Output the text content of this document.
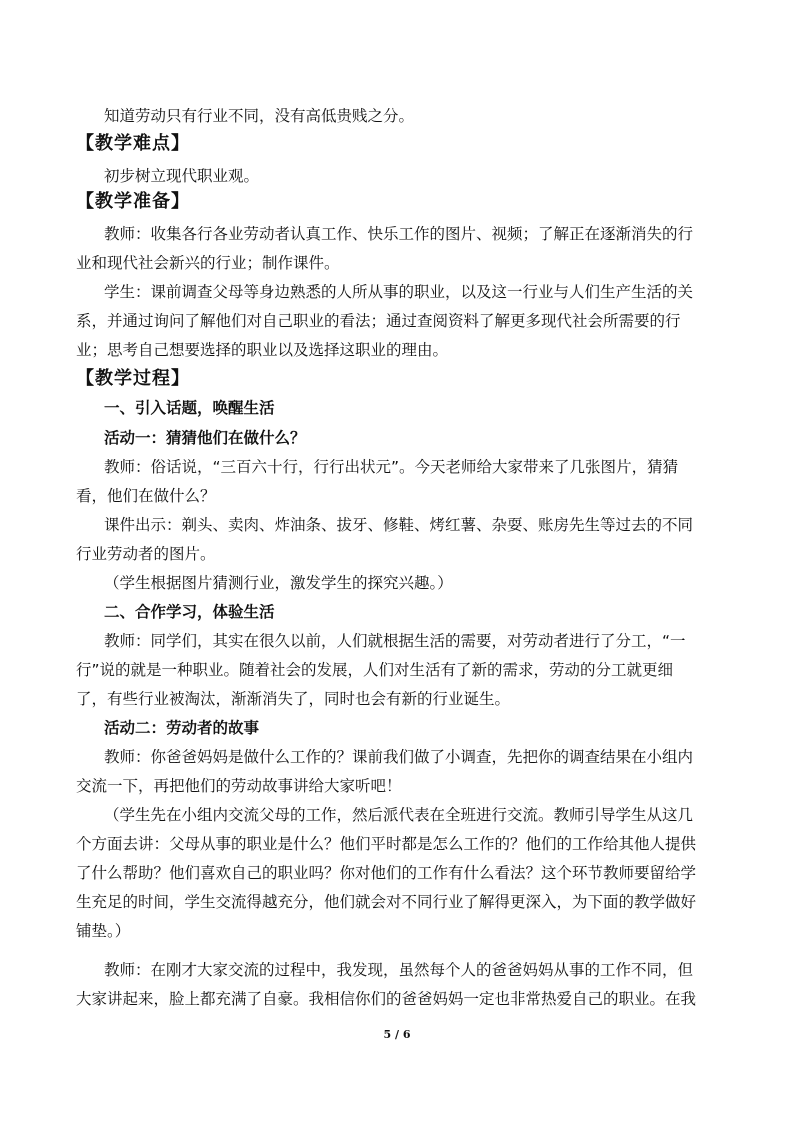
知道劳动只有行业不同，没有高低贵贱之分。
【教学难点】
初步树立现代职业观。
【教学准备】
教师：收集各行各业劳动者认真工作、快乐工作的图片、视频；了解正在逐渐消失的行
业和现代社会新兴的行业；制作课件。
学生：课前调查父母等身边熟悉的人所从事的职业，以及这一行业与人们生产生活的关
系，并通过询问了解他们对自己职业的看法；通过查阅资料了解更多现代社会所需要的行
业；思考自己想要选择的职业以及选择这职业的理由。
【教学过程】
一、引入话题，唤醒生活
活动一：猜猜他们在做什么？
教师：俗话说，“三百六十行，行行出状元”。今天老师给大家带来了几张图片，猜猜
看，他们在做什么？
课件出示：剃头、卖肉、炸油条、拔牙、修鞋、烤红薯、杂耍、账房先生等过去的不同
行业劳动者的图片。
（学生根据图片猜测行业，激发学生的探究兴趣。）
二、合作学习，体验生活
教师：同学们，其实在很久以前，人们就根据生活的需要，对劳动者进行了分工，“一
行”说的就是一种职业。随着社会的发展，人们对生活有了新的需求，劳动的分工就更细
了，有些行业被淘汰，渐渐消失了，同时也会有新的行业诞生。
活动二：劳动者的故事
教师：你爸爸妈妈是做什么工作的？课前我们做了小调查，先把你的调查结果在小组内
交流一下，再把他们的劳动故事讲给大家听吧！
（学生先在小组内交流父母的工作，然后派代表在全班进行交流。教师引导学生从这几
个方面去讲：父母从事的职业是什么？他们平时都是怎么工作的？他们的工作给其他人提供
了什么帮助？他们喜欢自己的职业吗？你对他们的工作有什么看法？这个环节教师要留给学
生充足的时间，学生交流得越充分，他们就会对不同行业了解得更深入，为下面的教学做好
铺垫。）
教师：在刚才大家交流的过程中，我发现，虽然每个人的爸爸妈妈从事的工作不同，但
大家讲起来，脸上都充满了自豪。我相信你们的爸爸妈妈一定也非常热爱自己的职业。在我
5 / 6
